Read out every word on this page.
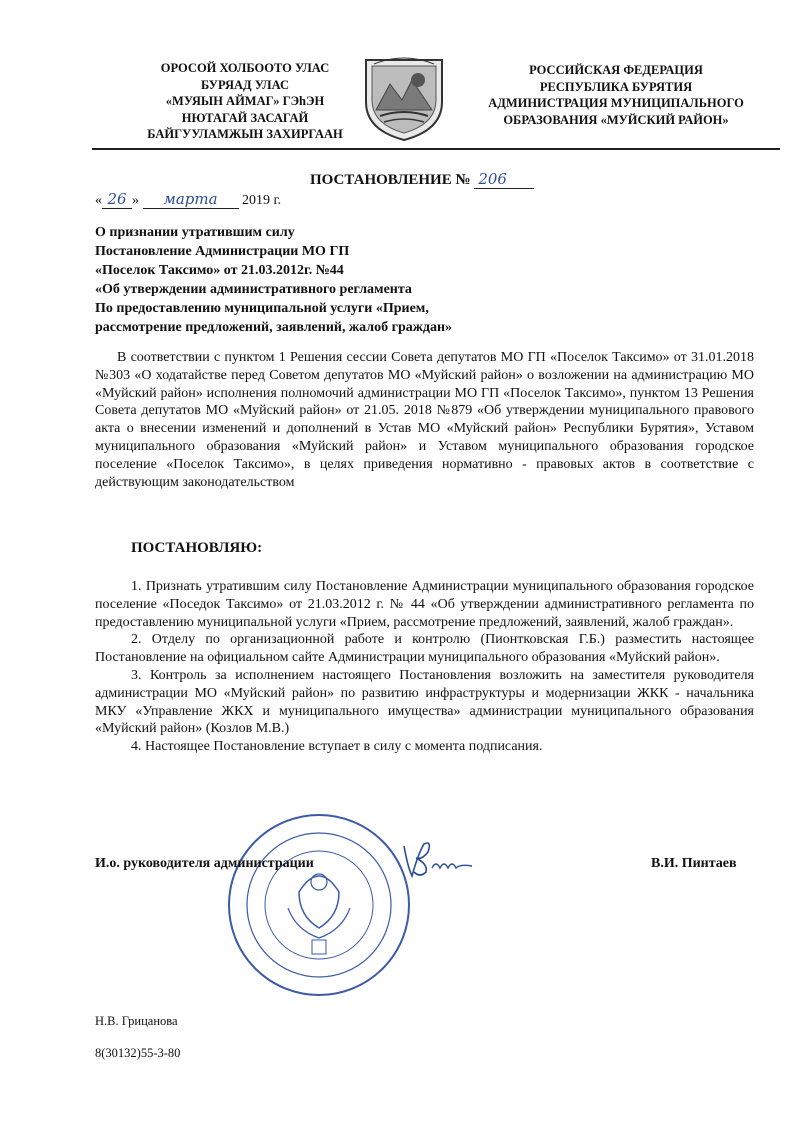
ОРОСОЙ ХОЛБООТО УЛАС
БУРЯАД УЛАС
«МУЯЫН АЙМАГ» ГЭhЭН
НЮТАГАЙ ЗАСАГАЙ
БАЙГУУЛАМЖЫН ЗАХИРГААН
РОССИЙСКАЯ ФЕДЕРАЦИЯ
РЕСПУБЛИКА БУРЯТИЯ
АДМИНИСТРАЦИЯ МУНИЦИПАЛЬНОГО
ОБРАЗОВАНИЯ «МУЙСКИЙ РАЙОН»
ПОСТАНОВЛЕНИЕ № 206
« 26 » марта 2019 г.
О признании утратившим силу
Постановление Администрации МО ГП
«Поселок Таксимо» от 21.03.2012г. №44
«Об утверждении административного регламента
По предоставлению муниципальной услуги «Прием,
рассмотрение предложений, заявлений, жалоб граждан»
В соответствии с пунктом 1 Решения сессии Совета депутатов МО ГП «Поселок Таксимо» от 31.01.2018 №303 «О ходатайстве перед Советом депутатов МО «Муйский район» о возложении на администрацию МО «Муйский район» исполнения полномочий администрации МО ГП «Поселок Таксимо», пунктом 13 Решения Совета депутатов МО «Муйский район» от 21.05. 2018 №879 «Об утверждении муниципального правового акта о внесении изменений и дополнений в Устав МО «Муйский район» Республики Бурятия», Уставом муниципального образования «Муйский район» и Уставом муниципального образования городское поселение «Поселок Таксимо», в целях приведения нормативно - правовых актов в соответствие с действующим законодательством
ПОСТАНОВЛЯЮ:

1. Признать утратившим силу Постановление Администрации муниципального образования городское поселение «Поседок Таксимо» от 21.03.2012 г. № 44 «Об утверждении административного регламента по предоставлению муниципальной услуги «Прием, рассмотрение предложений, заявлений, жалоб граждан».

2. Отделу по организационной работе и контролю (Пионтковская Г.Б.) разместить настоящее Постановление на официальном сайте Администрации муниципального образования «Муйский район».

3. Контроль за исполнением настоящего Постановления возложить на заместителя руководителя администрации МО «Муйский район» по развитию инфраструктуры и модернизации ЖКК - начальника МКУ «Управление ЖКХ и муниципального имущества» администрации муниципального образования «Муйский район» (Козлов М.В.)

4. Настоящее Постановление вступает в силу с момента подписания.

И.о. руководителя администрации	В.И. Пинтаев
Н.В. Грицанова
8(30132)55-3-80
